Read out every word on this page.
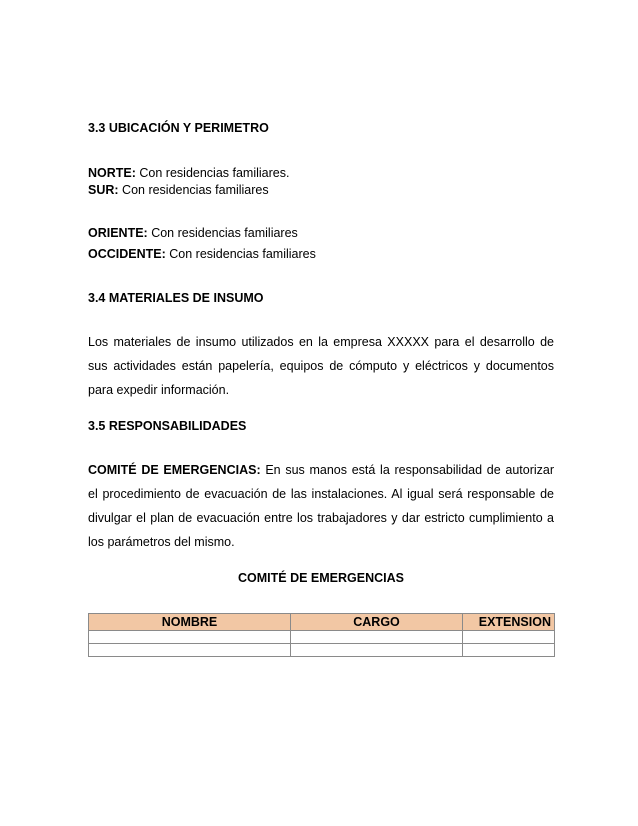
3.3 UBICACIÓN Y PERIMETRO
NORTE: Con residencias familiares.
SUR: Con residencias familiares
ORIENTE: Con residencias familiares
OCCIDENTE: Con residencias familiares
3.4 MATERIALES DE INSUMO
Los materiales de insumo utilizados en la empresa XXXXX para el desarrollo de sus actividades están papelería, equipos de cómputo y eléctricos y documentos para expedir información.
3.5 RESPONSABILIDADES
COMITÉ DE EMERGENCIAS: En sus manos está la responsabilidad de autorizar el procedimiento de evacuación de las instalaciones. Al igual será responsable de divulgar el plan de evacuación entre los trabajadores y dar estricto cumplimiento a los parámetros del mismo.
COMITÉ DE EMERGENCIAS
NOMBRE	CARGO	EXTENSION
